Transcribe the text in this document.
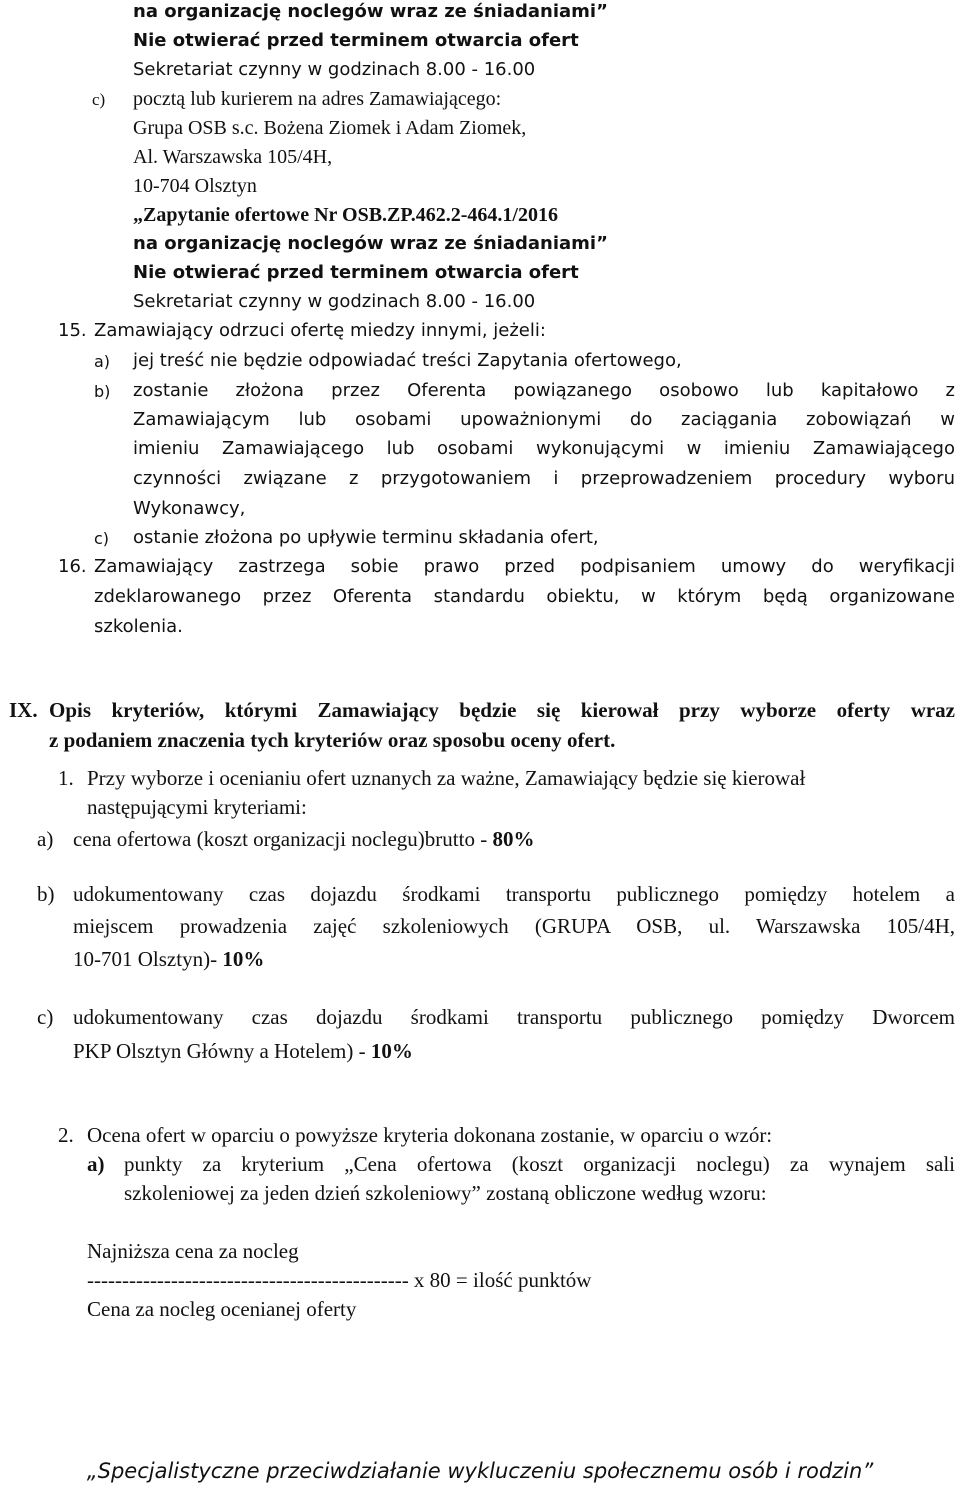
na organizację noclegów wraz ze śniadaniami”
Nie otwierać przed terminem otwarcia ofert
Sekretariat czynny w godzinach 8.00 - 16.00
c) pocztą lub kurierem na adres Zamawiającego:
Grupa OSB s.c. Bożena Ziomek i Adam Ziomek,
Al. Warszawska 105/4H,
10-704 Olsztyn
„Zapytanie ofertowe Nr OSB.ZP.462.2-464.1/2016
na organizację noclegów wraz ze śniadaniami”
Nie otwierać przed terminem otwarcia ofert
Sekretariat czynny w godzinach 8.00 - 16.00
15. Zamawiający odrzuci ofertę miedzy innymi, jeżeli:
a) jej treść nie będzie odpowiadać treści Zapytania ofertowego,
b) zostanie złożona przez Oferenta powiązanego osobowo lub kapitałowo z
Zamawiającym lub osobami upoważnionymi do zaciągania zobowiązań w
imieniu Zamawiającego lub osobami wykonującymi w imieniu Zamawiającego
czynności związane z przygotowaniem i przeprowadzeniem procedury wyboru
Wykonawcy,
c) ostanie złożona po upływie terminu składania ofert,
16. Zamawiający zastrzega sobie prawo przed podpisaniem umowy do weryfikacji
zdeklarowanego przez Oferenta standardu obiektu, w którym będą organizowane
szkolenia.
IX. Opis kryteriów, którymi Zamawiający będzie się kierował przy wyborze oferty wraz
z podaniem znaczenia tych kryteriów oraz sposobu oceny ofert.
1. Przy wyborze i ocenianiu ofert uznanych za ważne, Zamawiający będzie się kierował
następującymi kryteriami:
a) cena ofertowa (koszt organizacji noclegu)brutto - 80%
b) udokumentowany czas dojazdu środkami transportu publicznego pomiędzy hotelem a
miejscem prowadzenia zajęć szkoleniowych (GRUPA OSB, ul. Warszawska 105/4H,
10-701 Olsztyn)- 10%
c) udokumentowany czas dojazdu środkami transportu publicznego pomiędzy Dworcem
PKP Olsztyn Główny a Hotelem) - 10%
2. Ocena ofert w oparciu o powyższe kryteria dokonana zostanie, w oparciu o wzór:
a) punkty za kryterium „Cena ofertowa (koszt organizacji noclegu) za wynajem sali
szkoleniowej za jeden dzień szkoleniowy” zostaną obliczone według wzoru:
Najniższa cena za nocleg
---------------------------------------------- x 80 = ilość punktów
Cena za nocleg ocenianej oferty
„Specjalistyczne przeciwdziałanie wykluczeniu społecznemu osób i rodzin”
